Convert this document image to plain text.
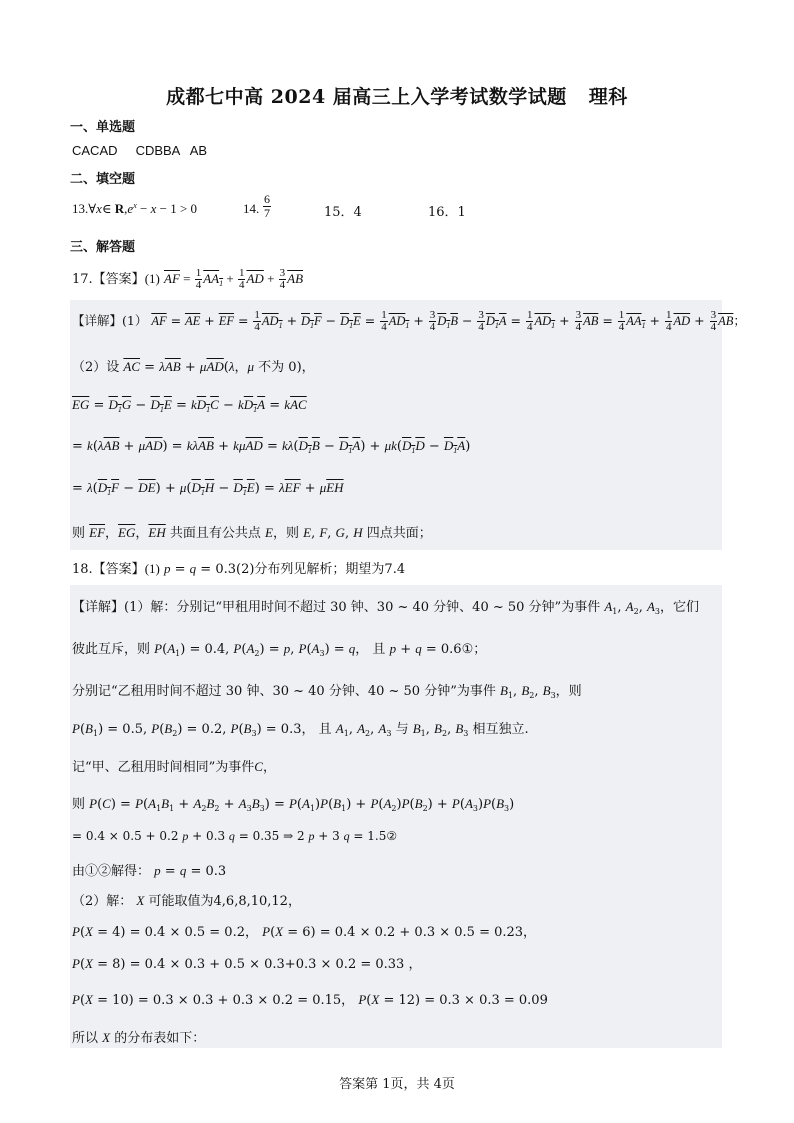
成都七中高 2024 届高三上入学考试数学试题 理科
一、单选题
CACAD     CDBBA   AB
二、填空题
13.∀x∈ $R,e^x - x - 1 > 0$	14. $\frac{6}{7}$	15．4	16．1
三、解答题
17.【答案】(1) $\overline{AF} = \frac{1}{4} AA_1 + \frac{1}{4} \overline{AD} + \frac{3}{4} \overline{AB}$
【详解】(1） $\overline{AF} = \overline{AE} + \overline{EF} = \frac{1}{4} AD_1 + D_1F - D_1E = \frac{1}{4} AD_1 + \frac{3}{4} D_1B - \frac{3}{4} D_1A = \frac{1}{4} AD_1 + \frac{3}{4} \overline{AB} = \frac{1}{4} AA_1 + \frac{1}{4} \overline{AD} + \frac{3}{4} \overline{AB}$；
（2）设 $\overline{AC} = \lambda\overline{AB} + \mu\overline{AD}(\lambda$，μ 不为 0)，
$\overline{EG} = D_1G - D_1E = kD_1C - kD_1A = k\overline{AC}$
= $k(\lambda\overline{AB} + \mu\overline{AD}) = k\lambda\overline{AB} + k\mu\overline{AD} = k\lambda(D_1B - D_1A) + \mu k(D_1D - D_1A)$
= $\lambda(D_1F - \overline{DE}) + \mu(D_1H - D_1E) = \lambda\overline{EF} + \mu\overline{EH}$
则 $\overline{EF}$，$\overline{EG}$，$\overline{EH}$ 共面且有公共点 E，则 E, F, G, H 四点共面；
18.【答案】(1) p = q = 0.3(2)分布列见解析；期望为7.4
【详解】(1）解：分别记“甲租用时间不超过 30 钟、30 ~ 40 分钟、40 ~ 50 分钟”为事件 $A_1$, $A_2$, $A_3$，它们
彼此互斥，则 $P(A_1) = 0.4$, $P(A_2) = p$, $P(A_3) = q$， 且 p + q = 0.6①；
分别记“乙租用时间不超过 30 钟、30 ~ 40 分钟、40 ~ 50 分钟”为事件 $B_1$, $B_2$, $B_3$，则
$P(B_1) = 0.5$, $P(B_2) = 0.2$, $P(B_3) = 0.3$， 且 $A_1$, $A_2$, $A_3$ 与 $B_1$, $B_2$, $B_3$ 相互独立.
记“甲、乙租用时间相同”为事件C，
则 $P(C) = P(A_1B_1 + A_2B_2 + A_3B_3) = P(A_1)P(B_1) + P(A_2)P(B_2) + P(A_3)P(B_3)$
= 0.4 × 0.5 + 0.2 p + 0.3 q = 0.35 ⇒ 2 p + 3 q = 1.5②
由①②解得： p = q = 0.3
（2）解： X 可能取值为4,6,8,10,12，
P(X = 4) = 0.4 × 0.5 = 0.2， P(X = 6) = 0.4 × 0.2 + 0.3 × 0.5 = 0.23，
P(X = 8) = 0.4 × 0.3 + 0.5 × 0.3+0.3 × 0.2 = 0.33 ，
P(X = 10) = 0.3 × 0.3 + 0.3 × 0.2 = 0.15， P(X = 12) = 0.3 × 0.3 = 0.09
所以 X 的分布表如下：
答案第 1页，共 4页
